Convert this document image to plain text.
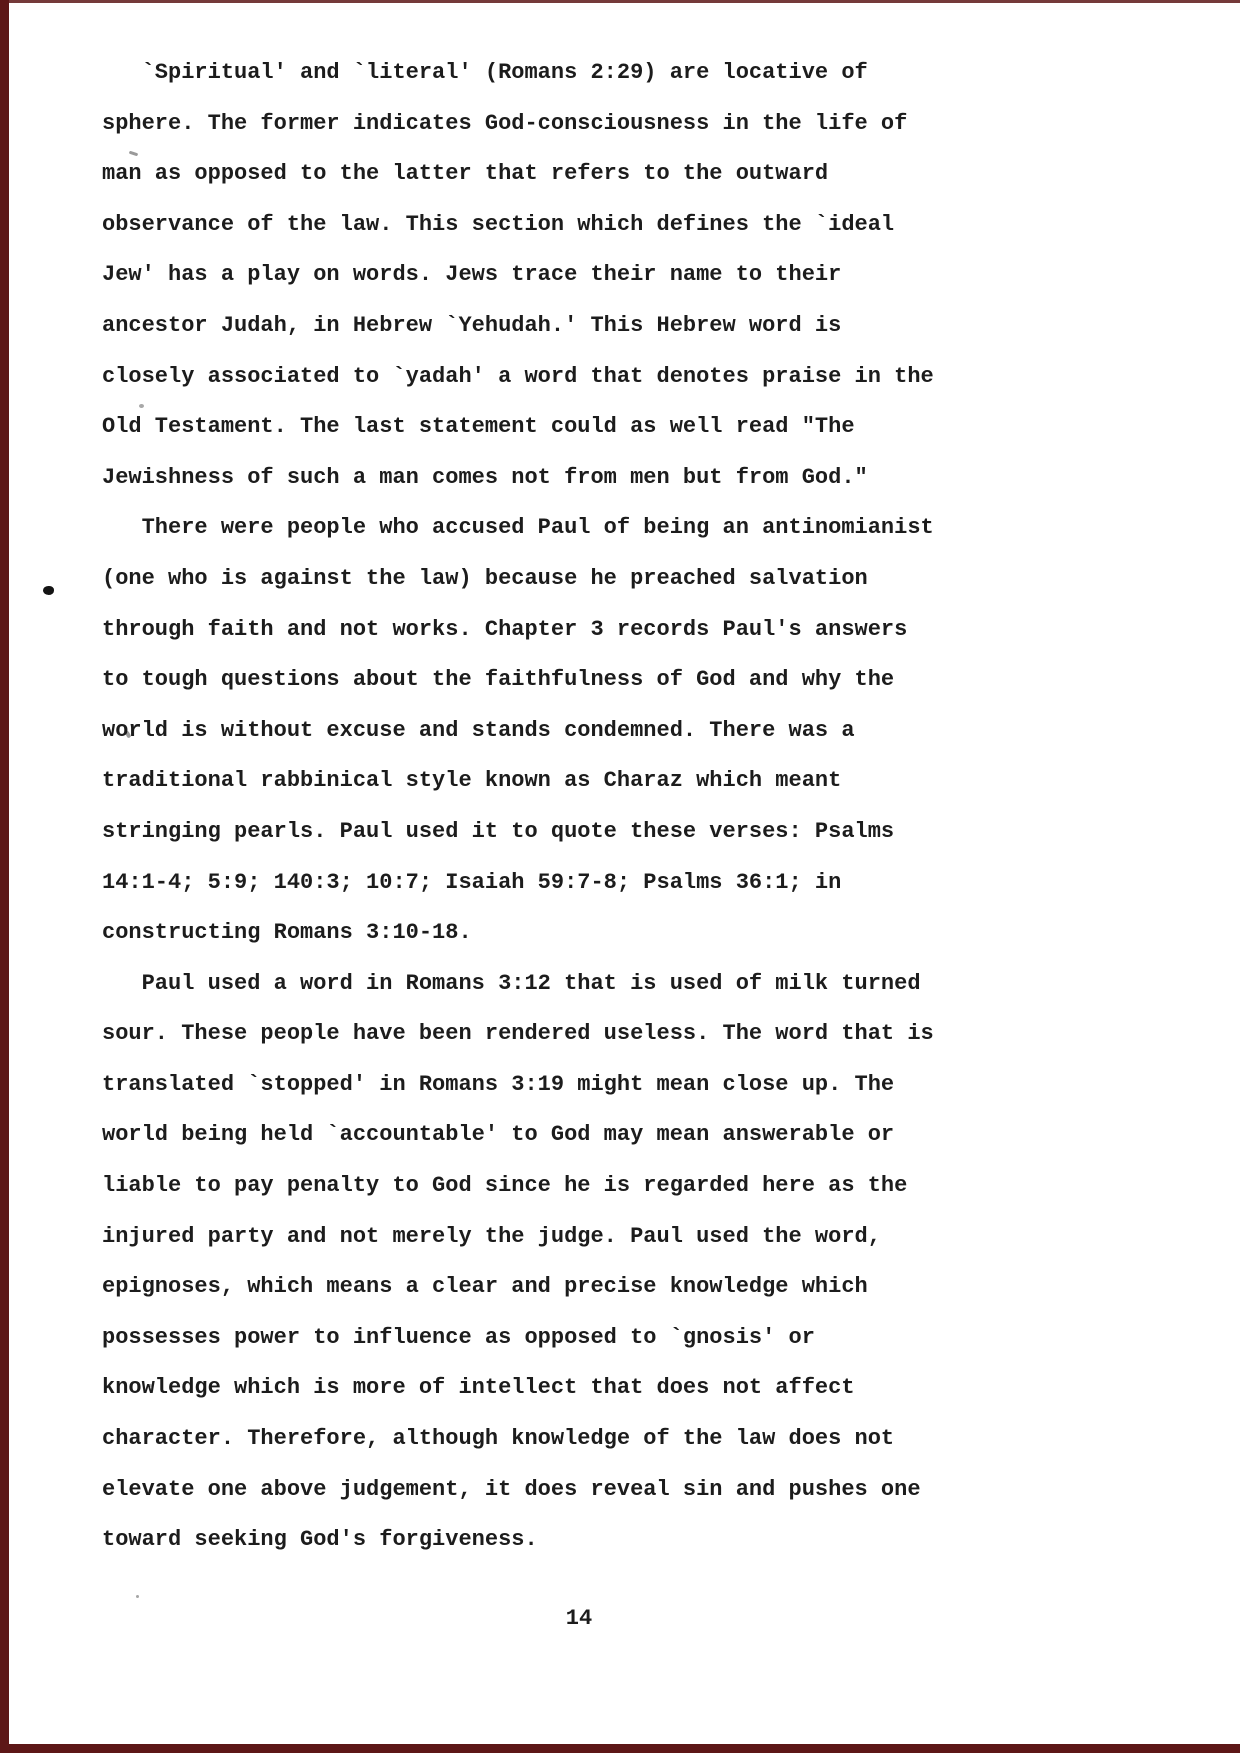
`Spiritual' and `literal' (Romans 2:29) are locative of
sphere. The former indicates God-consciousness in the life of
man as opposed to the latter that refers to the outward
observance of the law. This section which defines the `ideal
Jew' has a play on words. Jews trace their name to their
ancestor Judah, in Hebrew `Yehudah.' This Hebrew word is
closely associated to `yadah' a word that denotes praise in the
Old Testament. The last statement could as well read "The
Jewishness of such a man comes not from men but from God."
There were people who accused Paul of being an antinomianist
(one who is against the law) because he preached salvation
through faith and not works. Chapter 3 records Paul's answers
to tough questions about the faithfulness of God and why the
world is without excuse and stands condemned. There was a
traditional rabbinical style known as Charaz which meant
stringing pearls. Paul used it to quote these verses: Psalms
14:1-4; 5:9; 140:3; 10:7; Isaiah 59:7-8; Psalms 36:1; in
constructing Romans 3:10-18.
Paul used a word in Romans 3:12 that is used of milk turned
sour. These people have been rendered useless. The word that is
translated `stopped' in Romans 3:19 might mean close up. The
world being held `accountable' to God may mean answerable or
liable to pay penalty to God since he is regarded here as the
injured party and not merely the judge. Paul used the word,
epignoses, which means a clear and precise knowledge which
possesses power to influence as opposed to `gnosis' or
knowledge which is more of intellect that does not affect
character. Therefore, although knowledge of the law does not
elevate one above judgement, it does reveal sin and pushes one
toward seeking God's forgiveness.
14
